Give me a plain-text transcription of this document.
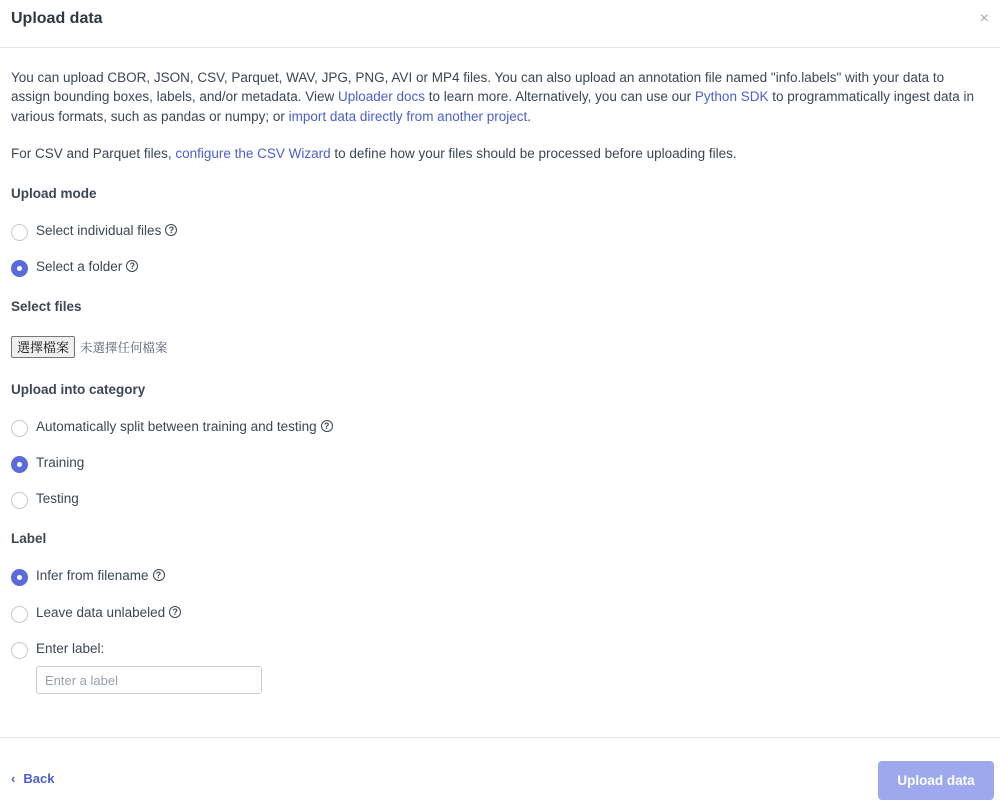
Upload data	×
You can upload CBOR, JSON, CSV, Parquet, WAV, JPG, PNG, AVI or MP4 files. You can also upload an annotation file named "info.labels" with your data to assign bounding boxes, labels, and/or metadata. View Uploader docs to learn more. Alternatively, you can use our Python SDK to programmatically ingest data in various formats, such as pandas or numpy; or import data directly from another project.
For CSV and Parquet files, configure the CSV Wizard to define how your files should be processed before uploading files.
Upload mode
Select individual files ?
Select a folder ?
Select files
選擇檔案 未選擇任何檔案
Upload into category
Automatically split between training and testing ?
Training
Testing
Label
Infer from filename ?
Leave data unlabeled ?
Enter label:
Enter a label
‹ Back	Upload data
